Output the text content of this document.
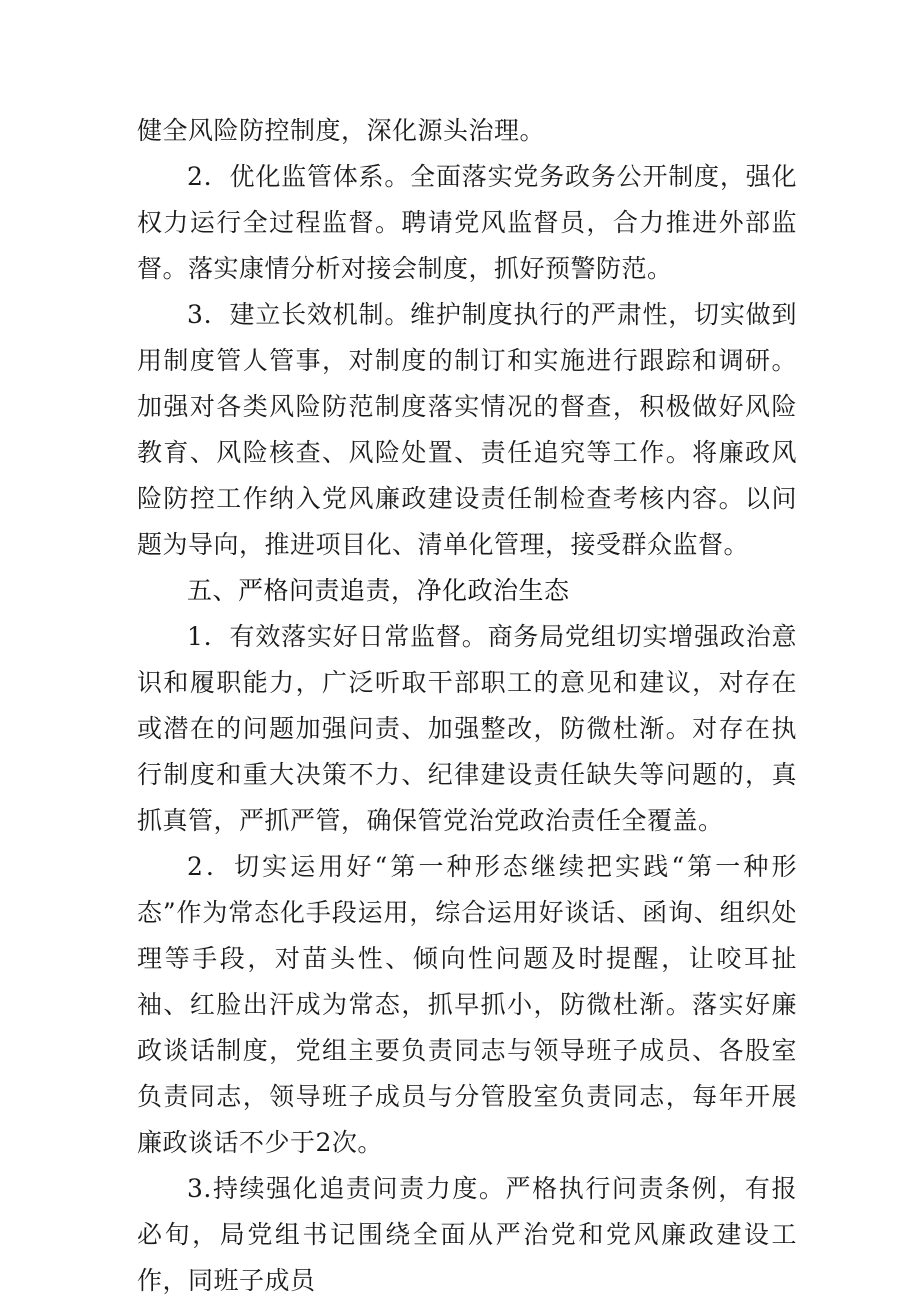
健全风险防控制度，深化源头治理。

2．优化监管体系。全面落实党务政务公开制度，强化权力运行全过程监督。聘请党风监督员，合力推进外部监督。落实康情分析对接会制度，抓好预警防范。

3．建立长效机制。维护制度执行的严肃性，切实做到用制度管人管事，对制度的制订和实施进行跟踪和调研。加强对各类风险防范制度落实情况的督查，积极做好风险教育、风险核查、风险处置、责任追究等工作。将廉政风险防控工作纳入党风廉政建设责任制检查考核内容。以问题为导向，推进项目化、清单化管理，接受群众监督。

五、严格问责追责，净化政治生态

1．有效落实好日常监督。商务局党组切实增强政治意识和履职能力，广泛听取干部职工的意见和建议，对存在或潜在的问题加强问责、加强整改，防微杜渐。对存在执行制度和重大决策不力、纪律建设责任缺失等问题的，真抓真管，严抓严管，确保管党治党政治责任全覆盖。

2．切实运用好“第一种形态继续把实践“第一种形态”作为常态化手段运用，综合运用好谈话、函询、组织处理等手段，对苗头性、倾向性问题及时提醒，让咬耳扯袖、红脸出汗成为常态，抓早抓小，防微杜渐。落实好廉政谈话制度，党组主要负责同志与领导班子成员、各股室负责同志，领导班子成员与分管股室负责同志，每年开展廉政谈话不少于2次。

3.持续强化追责问责力度。严格执行问责条例，有报必旬，局党组书记围绕全面从严治党和党风廉政建设工作，同班子成员
